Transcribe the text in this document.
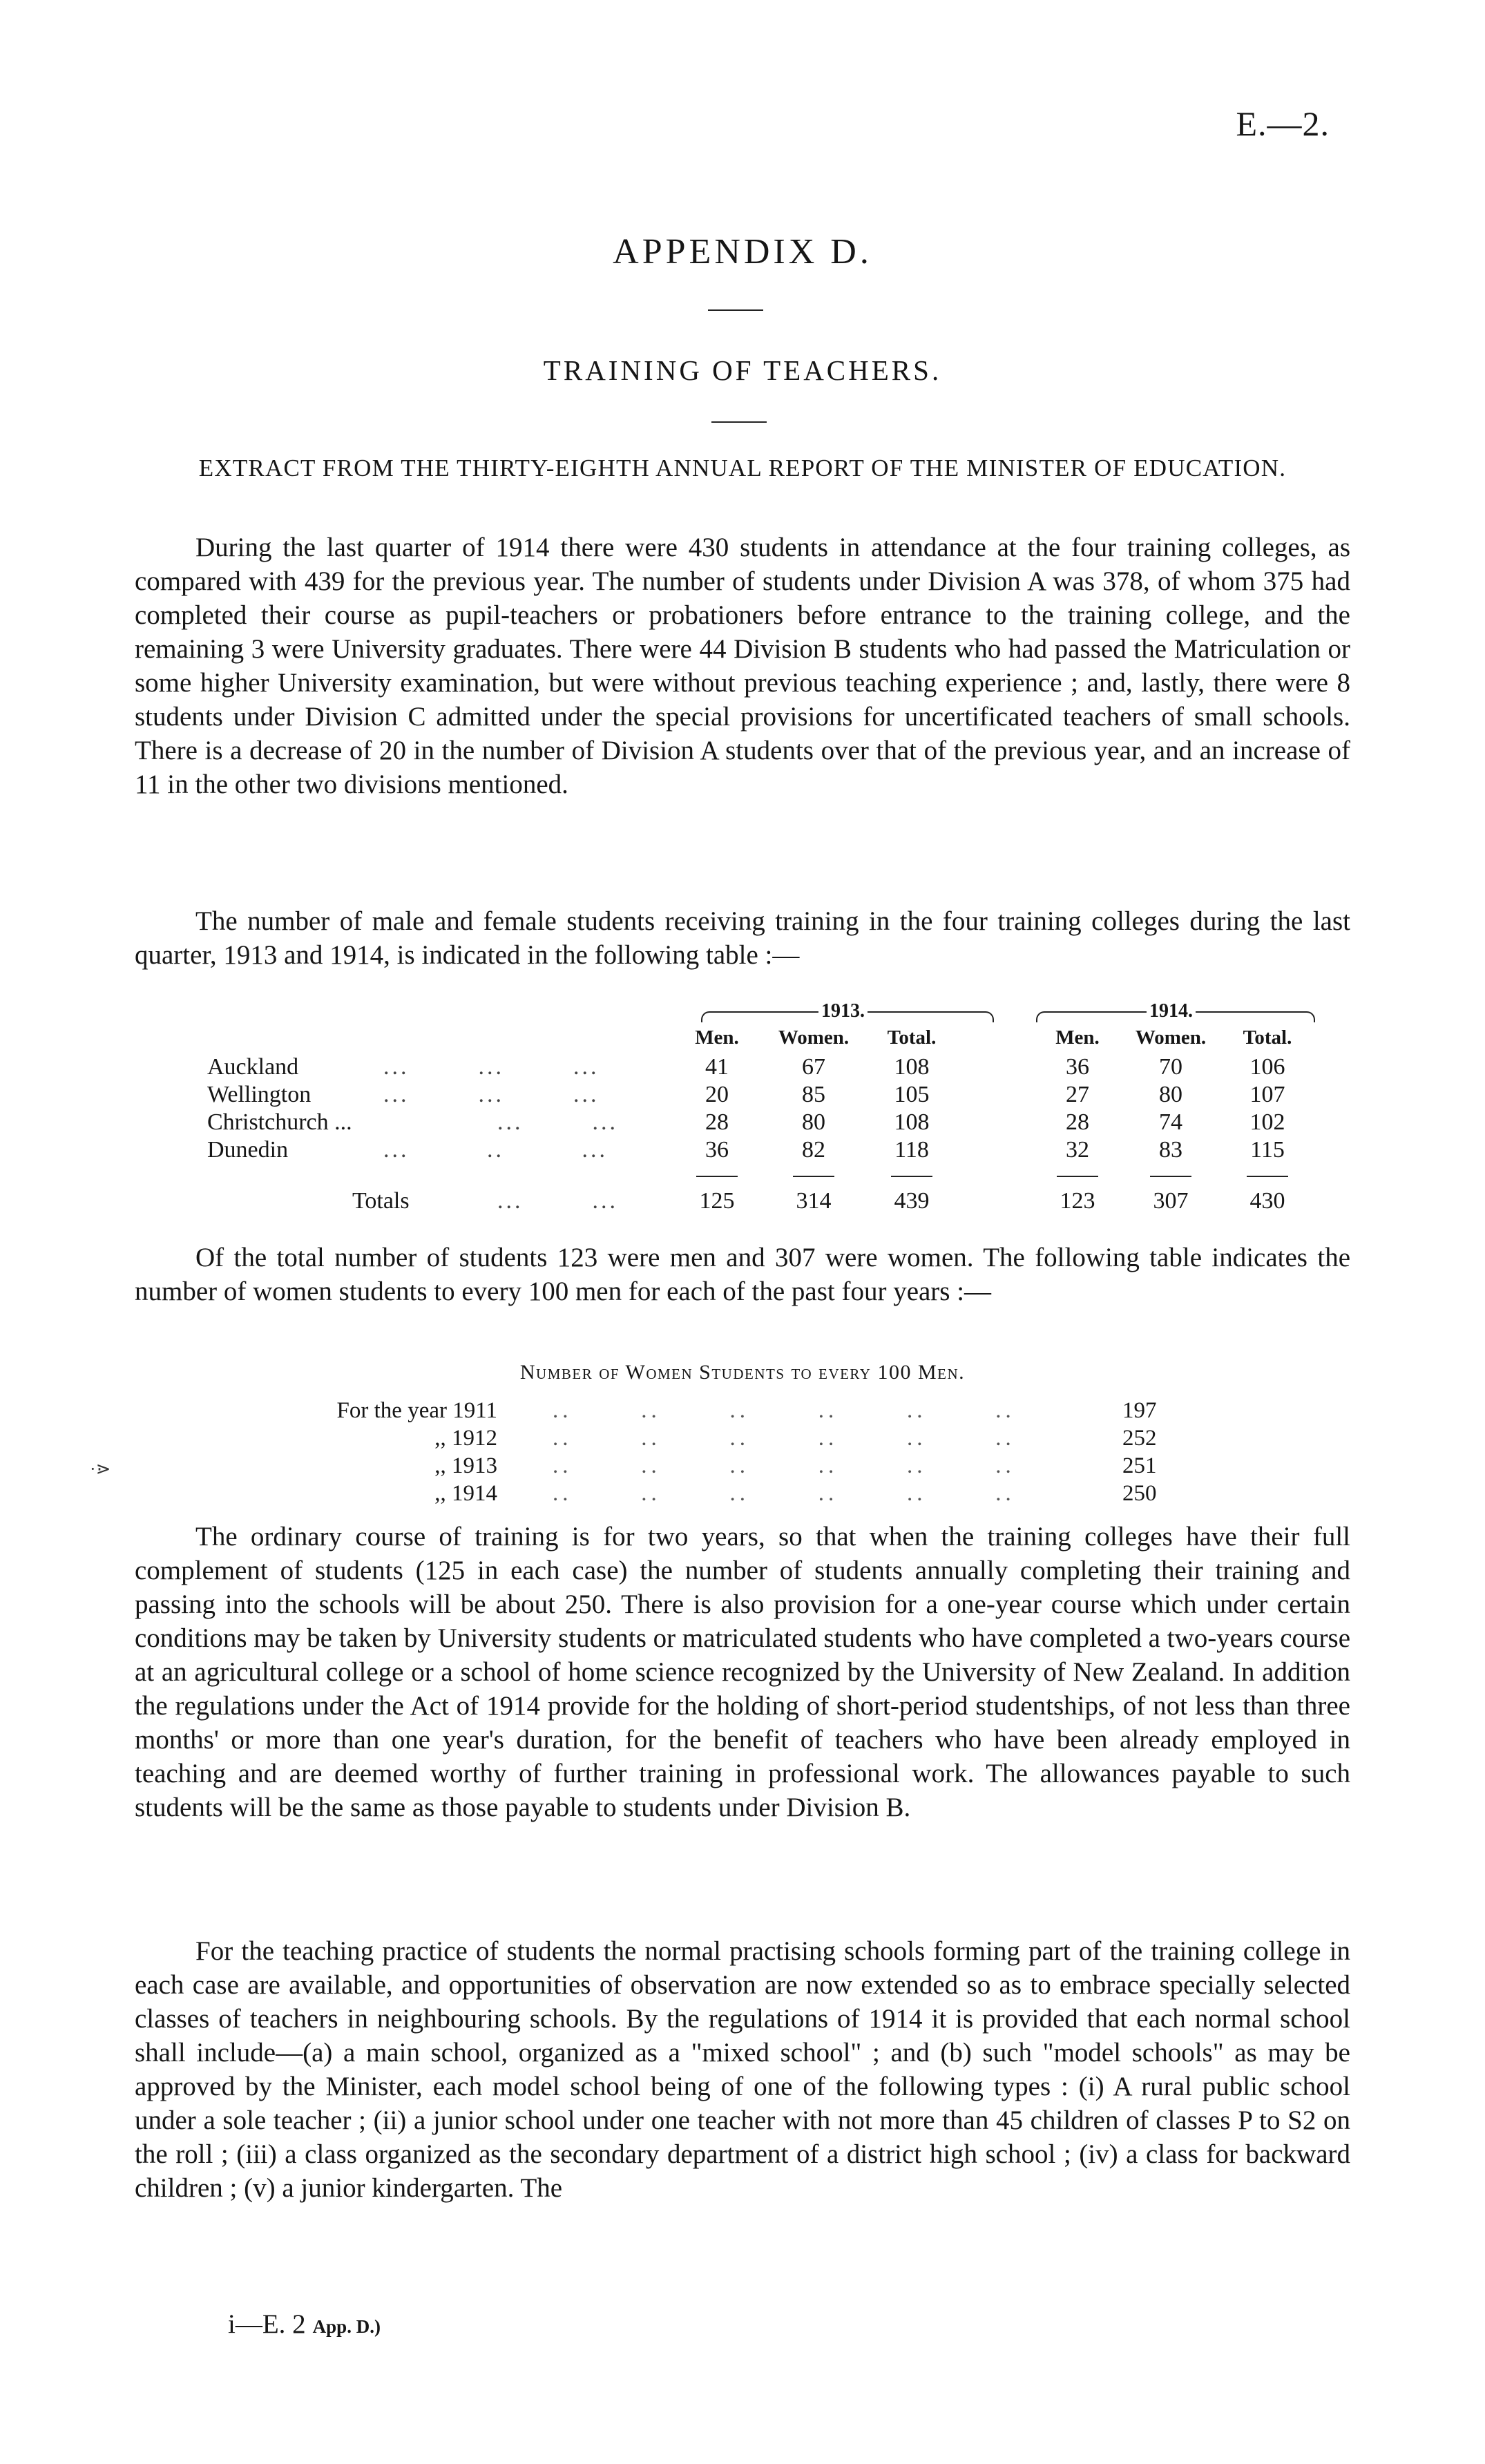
E.—2.
APPENDIX D.
TRAINING OF TEACHERS.
EXTRACT FROM THE THIRTY-EIGHTH ANNUAL REPORT OF THE MINISTER OF EDUCATION.

During the last quarter of 1914 there were 430 students in attendance at the four training colleges, as compared with 439 for the previous year. The number of students under Division A was 378, of whom 375 had completed their course as pupil-teachers or probationers before entrance to the training college, and the remaining 3 were University graduates. There were 44 Division B students who had passed the Matriculation or some higher University examination, but were without previous teaching experience ; and, lastly, there were 8 students under Division C admitted under the special provisions for uncertificated teachers of small schools. There is a decrease of 20 in the number of Division A students over that of the previous year, and an increase of 11 in the other two divisions mentioned.

The number of male and female students receiving training in the four training colleges during the last quarter, 1913 and 1914, is indicated in the following table :—

1913.	1914.
Men.	Women.	Total.	Men.	Women.	Total.
Auckland	...        ...        ...	41	67	108	36	70	106
Wellington	...        ...        ...	20	85	105	27	80	107
Christchurch ...	...        ...	28	80	108	28	74	102
Dunedin	...         ..         ...	36	82	118	32	83	115
Totals	...        ...	125	314	439	123	307	430

Of the total number of students 123 were men and 307 were women. The following table indicates the number of women students to every 100 men for each of the past four years :—

Number of Women Students to every 100 Men.
For the year 1911 ..       ..       ..       ..       ..       ..	197
,, 1912 ..       ..       ..       ..       ..       ..	252
,, 1913 ..       ..       ..       ..       ..       ..	251
,, 1914 ..       ..       ..       ..       ..       ..	250

The ordinary course of training is for two years, so that when the training colleges have their full complement of students (125 in each case) the number of students annually completing their training and passing into the schools will be about 250. There is also provision for a one-year course which under certain conditions may be taken by University students or matriculated students who have completed a two-years course at an agricultural college or a school of home science recognized by the University of New Zealand. In addition the regulations under the Act of 1914 provide for the holding of short-period studentships, of not less than three months' or more than one year's duration, for the benefit of teachers who have been already employed in teaching and are deemed worthy of further training in professional work. The allowances payable to such students will be the same as those payable to students under Division B.

For the teaching practice of students the normal practising schools forming part of the training college in each case are available, and opportunities of observation are now extended so as to embrace specially selected classes of teachers in neighbouring schools. By the regulations of 1914 it is provided that each normal school shall include—(a) a main school, organized as a "mixed school" ; and (b) such "model schools" as may be approved by the Minister, each model school being of one of the following types : (i) A rural public school under a sole teacher ; (ii) a junior school under one teacher with not more than 45 children of classes P to S2 on the roll ; (iii) a class organized as the secondary department of a district high school ; (iv) a class for backward children ; (v) a junior kindergarten. The

i—E. 2 App. D.)
·⋗
